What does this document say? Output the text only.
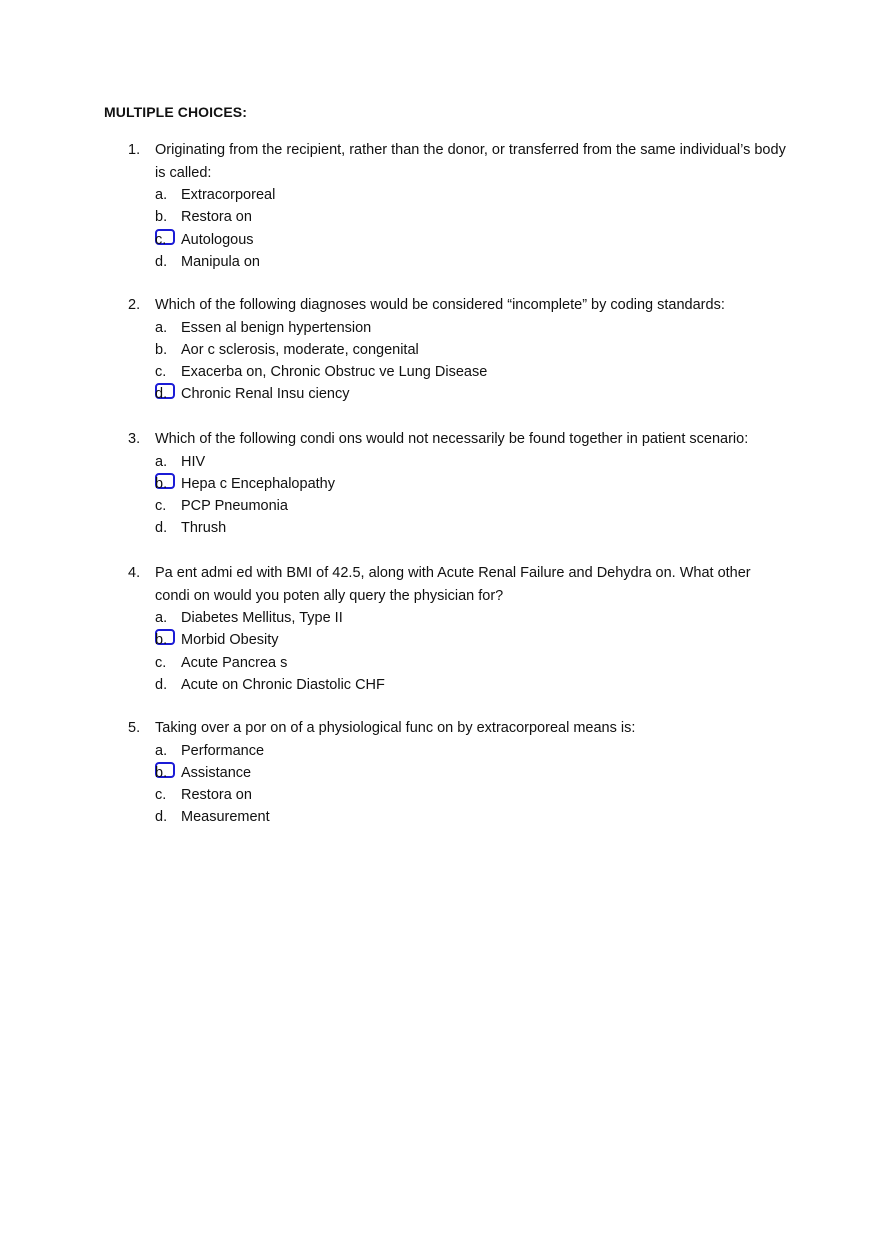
MULTIPLE CHOICES:
1. Originating from the recipient, rather than the donor, or transferred from the same individual’s body is called:
a. Extracorporeal
b. Restora on
c. Autologous
d. Manipula on
2. Which of the following diagnoses would be considered “incomplete” by coding standards:
a. Essen al benign hypertension
b. Aor c sclerosis, moderate, congenital
c. Exacerba on, Chronic Obstruc ve Lung Disease
d. Chronic Renal Insu ciency
3. Which of the following condi ons would not necessarily be found together in patient scenario:
a. HIV
b. Hepa c Encephalopathy
c. PCP Pneumonia
d. Thrush
4. Pa ent admi ed with BMI of 42.5, along with Acute Renal Failure and Dehydra on. What other condi on would you poten ally query the physician for?
a. Diabetes Mellitus, Type II
b. Morbid Obesity
c. Acute Pancrea s
d. Acute on Chronic Diastolic CHF
5. Taking over a por on of a physiological func on by extracorporeal means is:
a. Performance
b. Assistance
c. Restora on
d. Measurement
